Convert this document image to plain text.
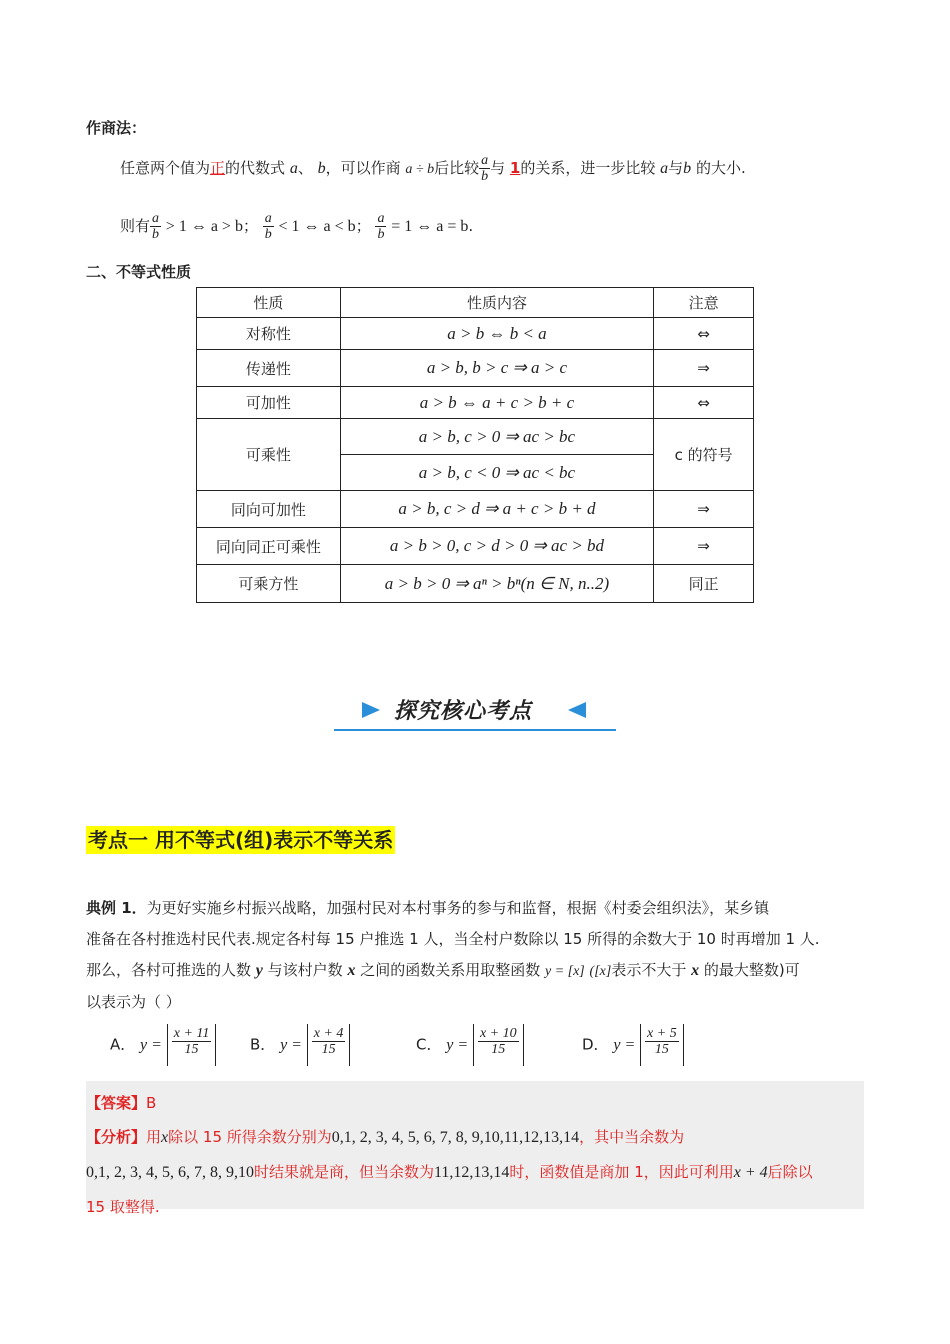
作商法：
任意两个值为正的代数式 a、 b，可以作商 a ÷ b后比较 $\frac{a}{b}$ 与 1的关系，进一步比较 a与b 的大小.
则有 $\frac{a}{b} > 1$ ⇔ a > b； $\frac{a}{b} < 1$ ⇔ a < b； $\frac{a}{b} = 1$ ⇔ a = b.
二、不等式性质
性质	性质内容	注意
对称性	a > b ⇔ b < a	⇔
传递性	a > b, b > c ⇒ a > c	⇒
可加性	a > b ⇔ a + c > b + c	⇔
可乘性	a > b, c > 0 ⇒ ac > bc	c 的符号
	a > b, c < 0 ⇒ ac < bc	
同向可加性	a > b, c > d ⇒ a + c > b + d	⇒
同向同正可乘性	a > b > 0, c > d > 0 ⇒ ac > bd	⇒
可乘方性	a > b > 0 ⇒ aⁿ > bⁿ(n ∈ N, n..2)	同正
探究核心考点
考点一 用不等式(组)表示不等关系
典例 1．为更好实施乡村振兴战略，加强村民对本村事务的参与和监督，根据《村委会组织法》，某乡镇
准备在各村推选村民代表.规定各村每 15 户推选 1 人，当全村户数除以 15 所得的余数大于 10 时再增加 1 人.
那么，各村可推选的人数 y 与该村户数 x 之间的函数关系用取整函数 y = [x] ([x]表示不大于 x 的最大整数)可
以表示为（ ）
A． $y = \frac{x + 11}{15}$	B． $y = \frac{x + 4}{15}$	C． $y = \frac{x + 10}{15}$	D． $y = \frac{x + 5}{15}$
【答案】B
【分析】用x除以 15 所得余数分别为0,1, 2, 3, 4, 5, 6, 7, 8, 9,10,11,12,13,14，其中当余数为
0,1, 2, 3, 4, 5, 6, 7, 8, 9,10时结果就是商，但当余数为11,12,13,14时，函数值是商加 1，因此可利用x + 4后除以
15 取整得.
